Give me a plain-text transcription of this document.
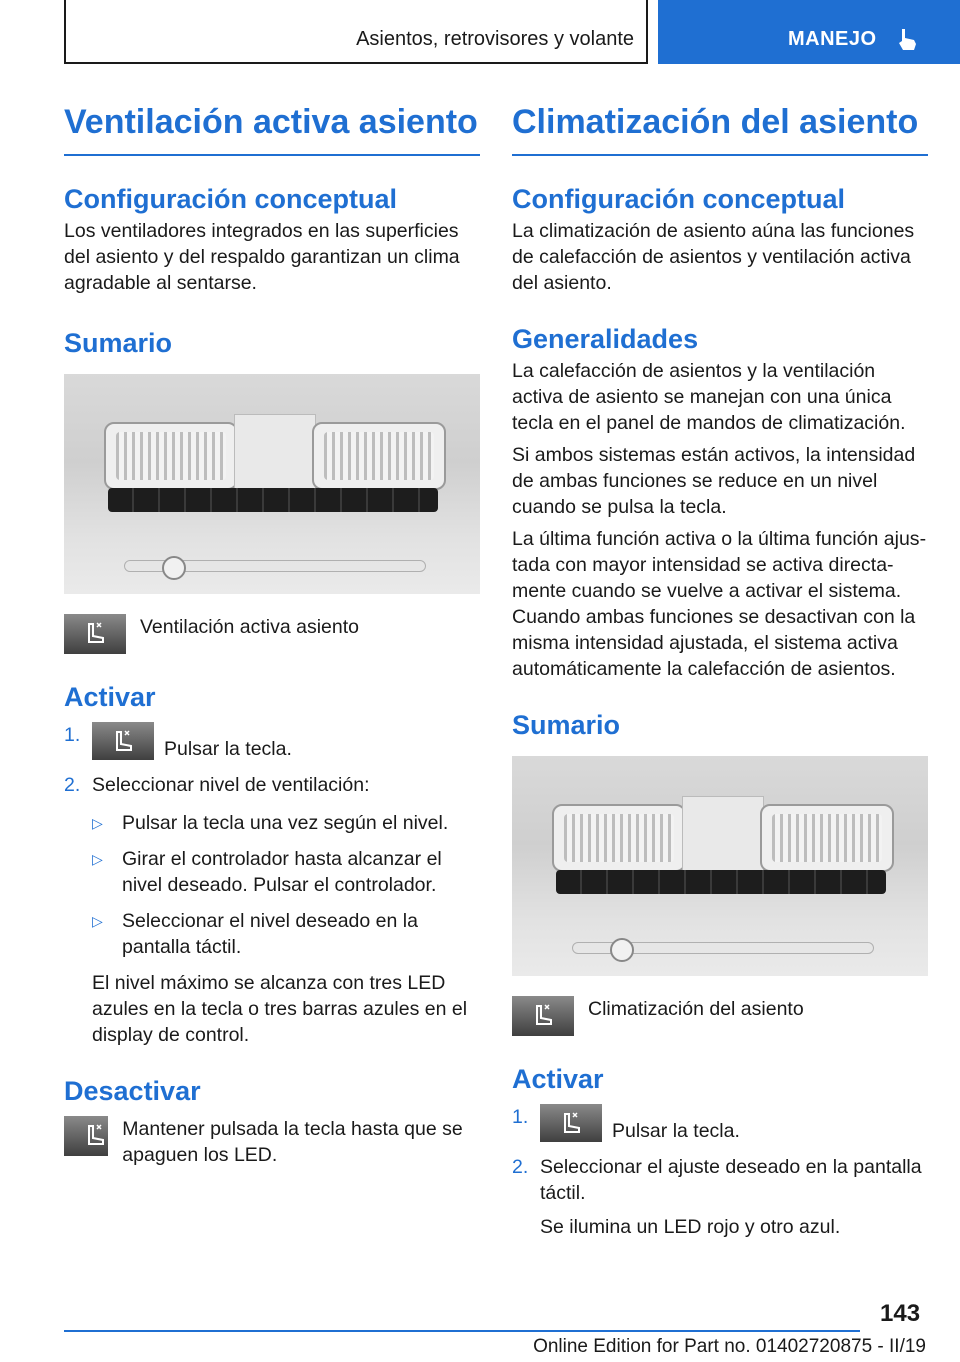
Asientos, retrovisores y volante	MANEJO
Ventilación activa asiento
Configuración conceptual

Los ventiladores integrados en las superficies del asiento y del respaldo garantizan un clima agradable al sentarse.

Sumario

Ventilación activa asiento

Activar
1.
Pulsar la tecla.
2. Seleccionar nivel de ventilación:
▷ Pulsar la tecla una vez según el nivel.
▷ Girar el controlador hasta alcanzar el nivel deseado. Pulsar el controlador.
▷ Seleccionar el nivel deseado en la pantalla táctil.

El nivel máximo se alcanza con tres LED azules en la tecla o tres barras azules en el display de control.

Desactivar

Mantener pulsada la tecla hasta que se apaguen los LED.

Climatización del asiento
Configuración conceptual

La climatización de asiento aúna las funciones de calefacción de asientos y ventilación activa del asiento.

Generalidades

La calefacción de asientos y la ventilación activa de asiento se manejan con una única tecla en el panel de mandos de climatización.

Si ambos sistemas están activos, la intensidad de ambas funciones se reduce en un nivel cuando se pulsa la tecla.

La última función activa o la última función ajustada con mayor intensidad se activa directamente cuando se vuelve a activar el sistema. Cuando ambas funciones se desactivan con la misma intensidad ajustada, el sistema activa automáticamente la calefacción de asientos.

Sumario

Climatización del asiento

Activar
1.
Pulsar la tecla.
2. Seleccionar el ajuste deseado en la pantalla táctil.

Se ilumina un LED rojo y otro azul.

143
Online Edition for Part no. 01402720875 - II/19
